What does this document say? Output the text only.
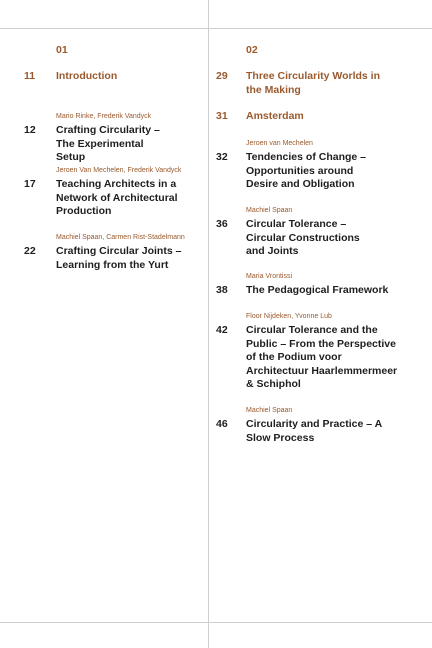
01
11 Introduction
12
Mario Rinke, Frederik Vandyck
Crafting Circularity – The Experimental Setup
17
Jeroen Van Mechelen, Frederik Vandyck
Teaching Architects in a Network of Architectural Production
22
Machiel Spaan, Carmen Rist-Stadelmann
Crafting Circular Joints – Learning from the Yurt
02
29 Three Circularity Worlds in the Making
31 Amsterdam
32
Jeroen van Mechelen
Tendencies of Change – Opportunities around Desire and Obligation
36
Machiel Spaan
Circular Tolerance – Circular Constructions and Joints
38
Maria Vrontissi
The Pedagogical Framework
42
Floor Nijdeken, Yvonne Lub
Circular Tolerance and the Public – From the Perspective of the Podium voor Architectuur Haarlemmermeer & Schiphol
46
Machiel Spaan
Circularity and Practice – A Slow Process
